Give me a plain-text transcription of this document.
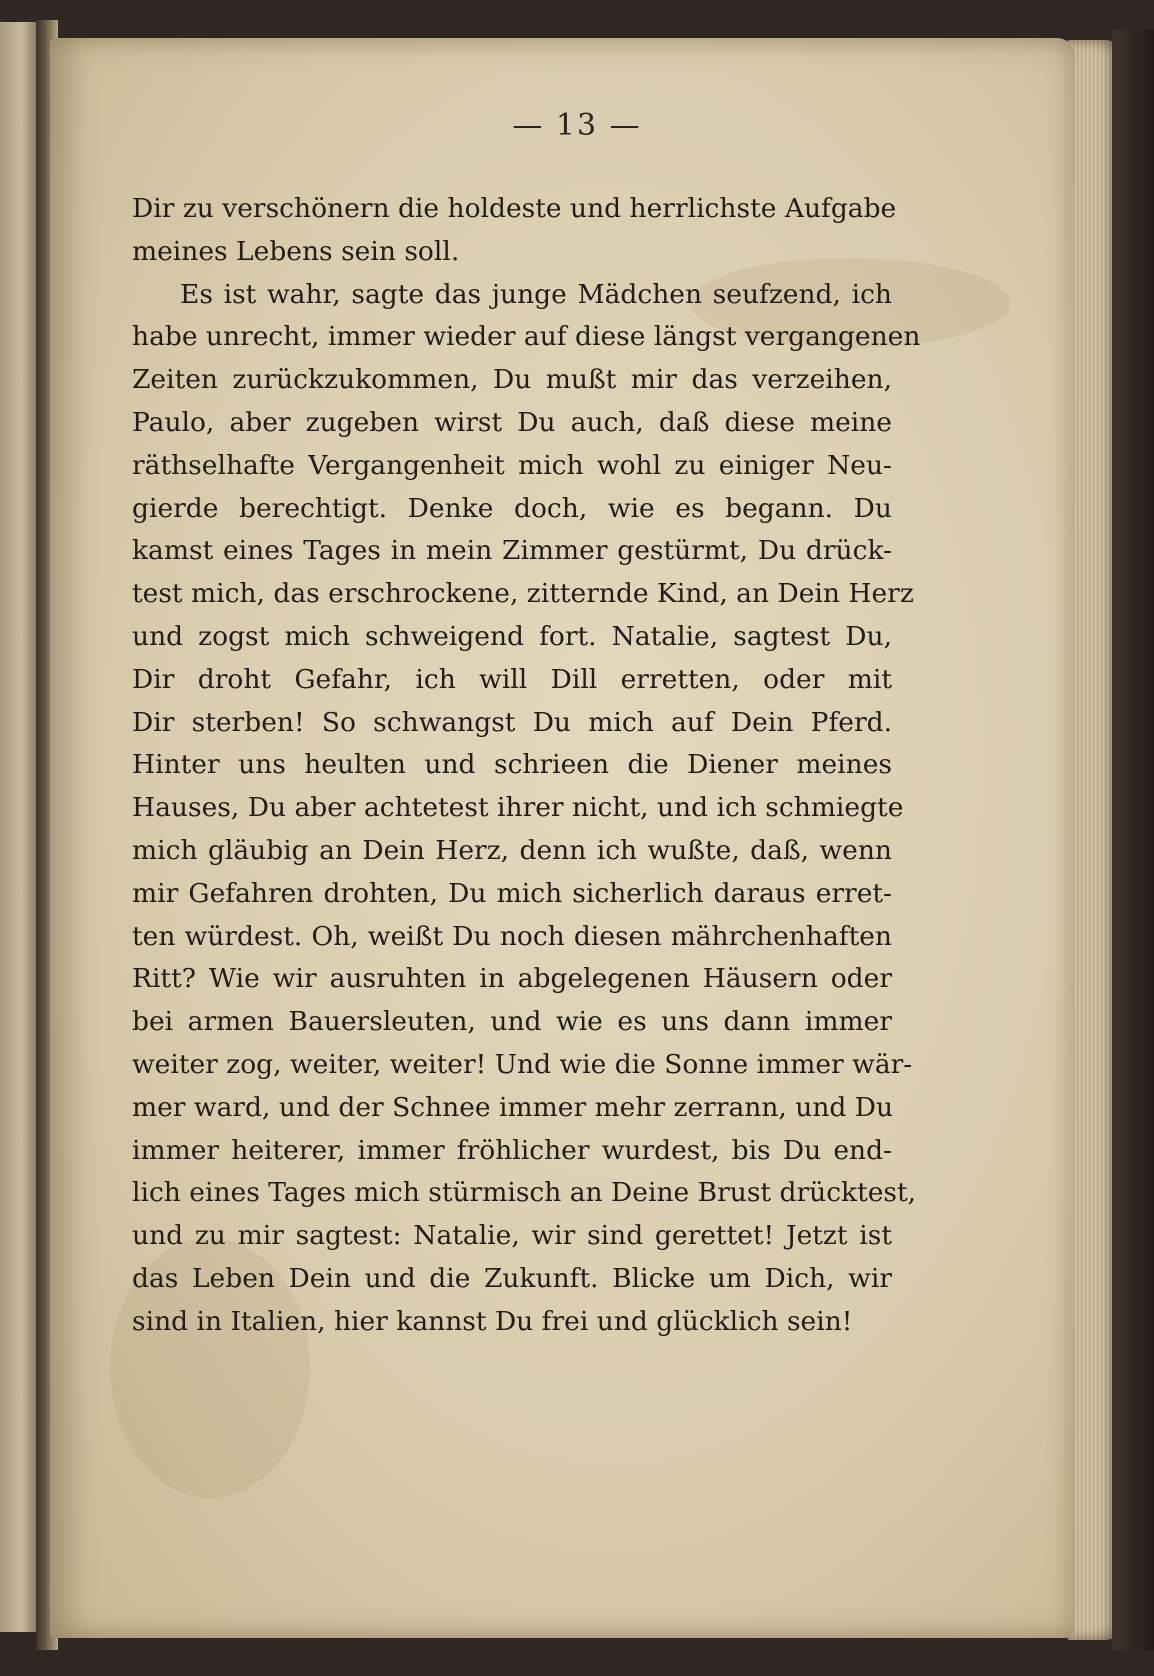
— 13 —
Dir zu verschönern die holdeste und herrlichste Aufgabe
meines Lebens sein soll.
Es ist wahr, sagte das junge Mädchen seufzend, ich
habe unrecht, immer wieder auf diese längst vergangenen
Zeiten zurückzukommen, Du mußt mir das verzeihen,
Paulo, aber zugeben wirst Du auch, daß diese meine
räthselhafte Vergangenheit mich wohl zu einiger Neu-
gierde berechtigt. Denke doch, wie es begann. Du
kamst eines Tages in mein Zimmer gestürmt, Du drück-
test mich, das erschrockene, zitternde Kind, an Dein Herz
und zogst mich schweigend fort. Natalie, sagtest Du,
Dir droht Gefahr, ich will Dill erretten, oder mit
Dir sterben! So schwangst Du mich auf Dein Pferd.
Hinter uns heulten und schrieen die Diener meines
Hauses, Du aber achtetest ihrer nicht, und ich schmiegte
mich gläubig an Dein Herz, denn ich wußte, daß, wenn
mir Gefahren drohten, Du mich sicherlich daraus erret-
ten würdest. Oh, weißt Du noch diesen mährchenhaften
Ritt? Wie wir ausruhten in abgelegenen Häusern oder
bei armen Bauersleuten, und wie es uns dann immer
weiter zog, weiter, weiter! Und wie die Sonne immer wär-
mer ward, und der Schnee immer mehr zerrann, und Du
immer heiterer, immer fröhlicher wurdest, bis Du end-
lich eines Tages mich stürmisch an Deine Brust drücktest,
und zu mir sagtest: Natalie, wir sind gerettet! Jetzt ist
das Leben Dein und die Zukunft. Blicke um Dich, wir
sind in Italien, hier kannst Du frei und glücklich sein!
